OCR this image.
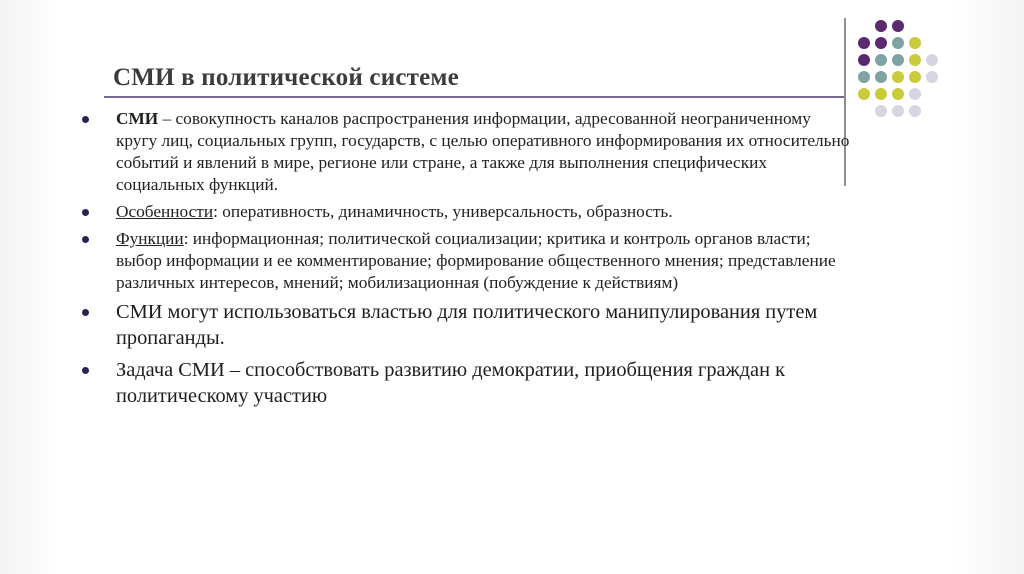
СМИ в политической системе
СМИ – совокупность каналов распространения информации, адресованной неограниченному кругу лиц, социальных групп, государств, с целью оперативного информирования их относительно событий и явлений в мире, регионе или стране, а также для выполнения специфических социальных функций.
Особенности: оперативность, динамичность, универсальность, образность.
Функции: информационная; политической социализации; критика и контроль органов власти; выбор информации и ее комментирование; формирование общественного мнения; представление различных интересов, мнений; мобилизационная (побуждение к действиям)
СМИ могут использоваться властью для политического манипулирования путем пропаганды.
Задача СМИ – способствовать развитию демократии, приобщения граждан к политическому участию
